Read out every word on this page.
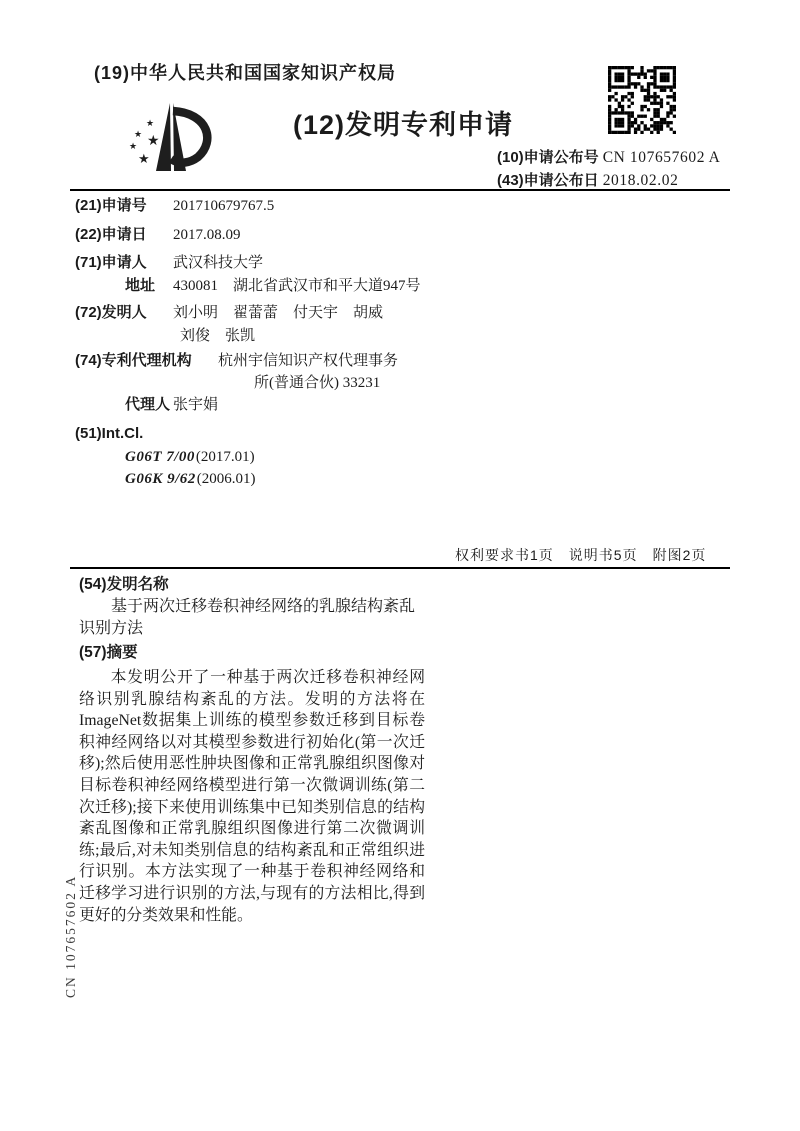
(19)中华人民共和国国家知识产权局
★
★ ★
★
★
(12)发明专利申请
(10)申请公布号 CN 107657602 A
(43)申请公布日 2018.02.02
(21)申请号	201710679767.5
(22)申请日	2017.08.09
(71)申请人	武汉科技大学
地址	430081　湖北省武汉市和平大道947号
(72)发明人	刘小明　翟蕾蕾　付天宇　胡威
刘俊　张凯
(74)专利代理机构	杭州宇信知识产权代理事务
所(普通合伙) 33231
代理人 张宇娟
(51)Int.Cl.
G06T 7/00 (2017.01)
G06K 9/62 (2006.01)
权利要求书1页　说明书5页　附图2页
(54)发明名称
基于两次迁移卷积神经网络的乳腺结构紊乱识别方法
(57)摘要
本发明公开了一种基于两次迁移卷积神经网络识别乳腺结构紊乱的方法。发明的方法将在ImageNet数据集上训练的模型参数迁移到目标卷积神经网络以对其模型参数进行初始化(第一次迁移);然后使用恶性肿块图像和正常乳腺组织图像对目标卷积神经网络模型进行第一次微调训练(第二次迁移);接下来使用训练集中已知类别信息的结构紊乱图像和正常乳腺组织图像进行第二次微调训练;最后,对未知类别信息的结构紊乱和正常组织进行识别。本方法实现了一种基于卷积神经网络和迁移学习进行识别的方法,与现有的方法相比,得到更好的分类效果和性能。
CN 107657602 A
